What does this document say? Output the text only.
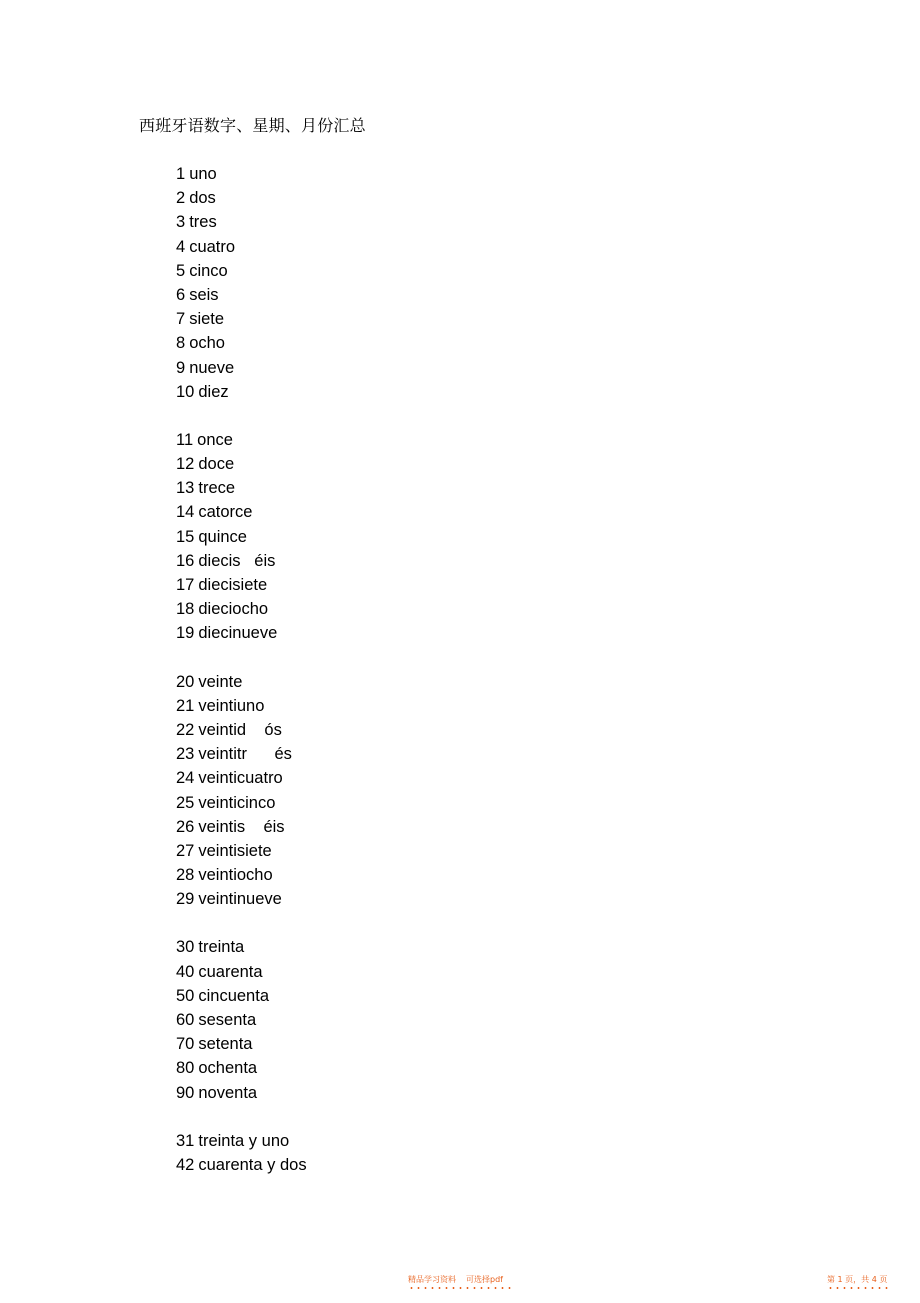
西班牙语数字、星期、月份汇总
1 uno
2 dos
3 tres
4 cuatro
5 cinco
6 seis
7 siete
8 ocho
9 nueve
10 diez
11 once
12 doce
13 trece
14 catorce
15 quince
16 diecis   éis
17 diecisiete
18 dieciocho
19 diecinueve
20 veinte
21 veintiuno
22 veintid    ós
23 veintitr      és
24 veinticuatro
25 veinticinco
26 veintis    éis
27 veintisiete
28 veintiocho
29 veintinueve
30 treinta
40 cuarenta
50 cincuenta
60 sesenta
70 setenta
80 ochenta
90 noventa
31 treinta y uno
42 cuarenta y dos
精品学习资料 可选择pdf	第 1 页，共 4 页
